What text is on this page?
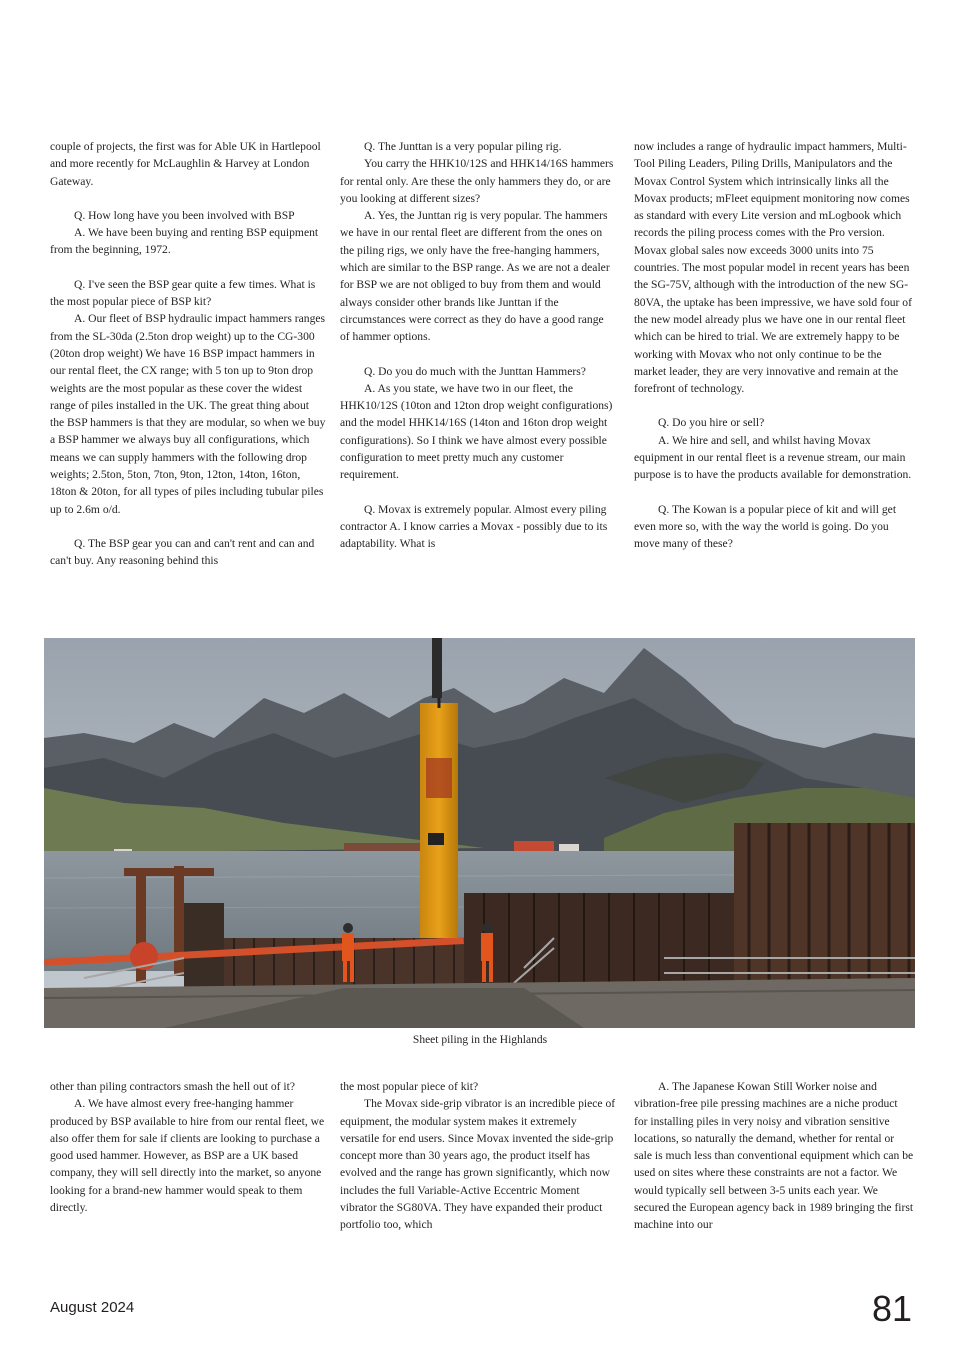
couple of projects, the first was for Able UK in Hartlepool and more recently for McLaughlin & Harvey at London Gateway.

Q. How long have you been involved with BSP

A. We have been buying and renting BSP equipment from the beginning, 1972.

Q. I've seen the BSP gear quite a few times. What is the most popular piece of BSP kit?

A. Our fleet of BSP hydraulic impact hammers ranges from the SL-30da (2.5ton drop weight) up to the CG-300 (20ton drop weight) We have 16 BSP impact hammers in our rental fleet, the CX range; with 5 ton up to 9ton drop weights are the most popular as these cover the widest range of piles installed in the UK. The great thing about the BSP hammers is that they are modular, so when we buy a BSP hammer we always buy all configurations, which means we can supply hammers with the following drop weights; 2.5ton, 5ton, 7ton, 9ton, 12ton, 14ton, 16ton, 18ton & 20ton, for all types of piles including tubular piles up to 2.6m o/d.

Q. The BSP gear you can and can't rent and can and can't buy. Any reasoning behind this

Q. The Junttan is a very popular piling rig.

You carry the HHK10/12S and HHK14/16S hammers for rental only. Are these the only hammers they do, or are you looking at different sizes?

A. Yes, the Junttan rig is very popular. The hammers we have in our rental fleet are different from the ones on the piling rigs, we only have the free-hanging hammers, which are similar to the BSP range. As we are not a dealer for BSP we are not obliged to buy from them and would always consider other brands like Junttan if the circumstances were correct as they do have a good range of hammer options.

Q. Do you do much with the Junttan Hammers?

A. As you state, we have two in our fleet, the HHK10/12S (10ton and 12ton drop weight configurations) and the model HHK14/16S (14ton and 16ton drop weight configurations). So I think we have almost every possible configuration to meet pretty much any customer requirement.

Q. Movax is extremely popular. Almost every piling contractor A. I know carries a Movax - possibly due to its adaptability. What is

now includes a range of hydraulic impact hammers, Multi-Tool Piling Leaders, Piling Drills, Manipulators and the Movax Control System which intrinsically links all the Movax products; mFleet equipment monitoring now comes as standard with every Lite version and mLogbook which records the piling process comes with the Pro version. Movax global sales now exceeds 3000 units into 75 countries. The most popular model in recent years has been the SG-75V, although with the introduction of the new SG-80VA, the uptake has been impressive, we have sold four of the new model already plus we have one in our rental fleet which can be hired to trial. We are extremely happy to be working with Movax who not only continue to be the market leader, they are very innovative and remain at the forefront of technology.

Q. Do you hire or sell?

A. We hire and sell, and whilst having Movax equipment in our rental fleet is a revenue stream, our main purpose is to have the products available for demonstration.

Q. The Kowan is a popular piece of kit and will get even more so, with the way the world is going. Do you move many of these?

Sheet piling in the Highlands

other than piling contractors smash the hell out of it?

A. We have almost every free-hanging hammer produced by BSP available to hire from our rental fleet, we also offer them for sale if clients are looking to purchase a good used hammer. However, as BSP are a UK based company, they will sell directly into the market, so anyone looking for a brand-new hammer would speak to them directly.

the most popular piece of kit?

The Movax side-grip vibrator is an incredible piece of equipment, the modular system makes it extremely versatile for end users. Since Movax invented the side-grip concept more than 30 years ago, the product itself has evolved and the range has grown significantly, which now includes the full Variable-Active Eccentric Moment vibrator the SG80VA. They have expanded their product portfolio too, which

A. The Japanese Kowan Still Worker noise and vibration-free pile pressing machines are a niche product for installing piles in very noisy and vibration sensitive locations, so naturally the demand, whether for rental or sale is much less than conventional equipment which can be used on sites where these constraints are not a factor. We would typically sell between 3-5 units each year. We secured the European agency back in 1989 bringing the first machine into our

August 2024	81
